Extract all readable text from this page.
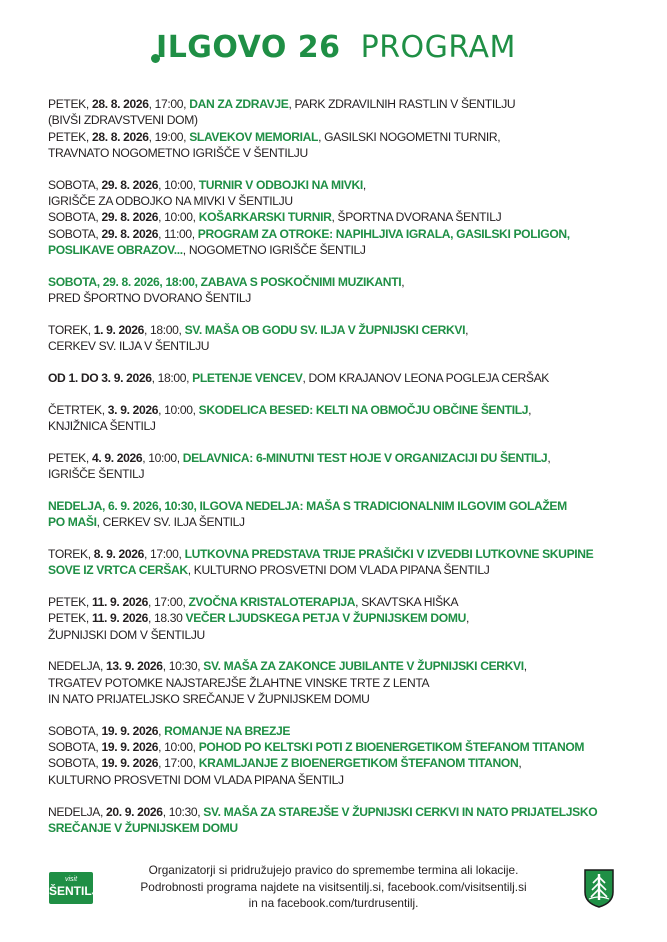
ILGOVO 26 PROGRAM
PETEK, 28. 8. 2026, 17:00, DAN ZA ZDRAVJE, PARK ZDRAVILNIH RASTLIN V ŠENTILJU
(BIVŠI ZDRAVSTVENI DOM)
PETEK, 28. 8. 2026, 19:00, SLAVEKOV MEMORIAL, GASILSKI NOGOMETNI TURNIR,
TRAVNATO NOGOMETNO IGRIŠČE V ŠENTILJU
SOBOTA, 29. 8. 2026, 10:00, TURNIR V ODBOJKI NA MIVKI,
IGRIŠČE ZA ODBOJKO NA MIVKI V ŠENTILJU
SOBOTA, 29. 8. 2026, 10:00, KOŠARKARSKI TURNIR, ŠPORTNA DVORANA ŠENTILJ
SOBOTA, 29. 8. 2026, 11:00, PROGRAM ZA OTROKE: NAPIHLJIVA IGRALA, GASILSKI POLIGON,
POSLIKAVE OBRAZOV..., NOGOMETNO IGRIŠČE ŠENTILJ
SOBOTA, 29. 8. 2026, 18:00, ZABAVA S POSKOČNIMI MUZIKANTI,
PRED ŠPORTNO DVORANO ŠENTILJ
TOREK, 1. 9. 2026, 18:00, SV. MAŠA OB GODU SV. ILJA V ŽUPNIJSKI CERKVI,
CERKEV SV. ILJA V ŠENTILJU
OD 1. DO 3. 9. 2026, 18:00, PLETENJE VENCEV, DOM KRAJANOV LEONA POGLEJA CERŠAK
ČETRTEK, 3. 9. 2026, 10:00, SKODELICA BESED: KELTI NA OBMOČJU OBČINE ŠENTILJ,
KNJIŽNICA ŠENTILJ
PETEK, 4. 9. 2026, 10:00, DELAVNICA: 6-MINUTNI TEST HOJE V ORGANIZACIJI DU ŠENTILJ,
IGRIŠČE ŠENTILJ
NEDELJA, 6. 9. 2026, 10:30, ILGOVA NEDELJA: MAŠA S TRADICIONALNIM ILGOVIM GOLAŽEM
PO MAŠI, CERKEV SV. ILJA ŠENTILJ
TOREK, 8. 9. 2026, 17:00, LUTKOVNA PREDSTAVA TRIJE PRAŠIČKI V IZVEDBI LUTKOVNE SKUPINE
SOVE IZ VRTCA CERŠAK, KULTURNO PROSVETNI DOM VLADA PIPANA ŠENTILJ
PETEK, 11. 9. 2026, 17:00, ZVOČNA KRISTALOTERAPIJA, SKAVTSKA HIŠKA
PETEK, 11. 9. 2026, 18.30 VEČER LJUDSKEGA PETJA V ŽUPNIJSKEM DOMU,
ŽUPNIJSKI DOM V ŠENTILJU
NEDELJA, 13. 9. 2026, 10:30, SV. MAŠA ZA ZAKONCE JUBILANTE V ŽUPNIJSKI CERKVI,
TRGATEV POTOMKE NAJSTAREJŠE ŽLAHTNE VINSKE TRTE Z LENTA
IN NATO PRIJATELJSKO SREČANJE V ŽUPNIJSKEM DOMU
SOBOTA, 19. 9. 2026, ROMANJE NA BREZJE
SOBOTA, 19. 9. 2026, 10:00, POHOD PO KELTSKI POTI Z BIOENERGETIKOM ŠTEFANOM TITANOM
SOBOTA, 19. 9. 2026, 17:00, KRAMLJANJE Z BIOENERGETIKOM ŠTEFANOM TITANON,
KULTURNO PROSVETNI DOM VLADA PIPANA ŠENTILJ
NEDELJA, 20. 9. 2026, 10:30, SV. MAŠA ZA STAREJŠE V ŽUPNIJSKI CERKVI IN NATO PRIJATELJSKO
SREČANJE V ŽUPNIJSKEM DOMU
visit
ŠENTILJ
Organizatorji si pridružujejo pravico do spremembe termina ali lokacije.
Podrobnosti programa najdete na visitsentilj.si, facebook.com/visitsentilj.si
in na facebook.com/turdrusentilj.
